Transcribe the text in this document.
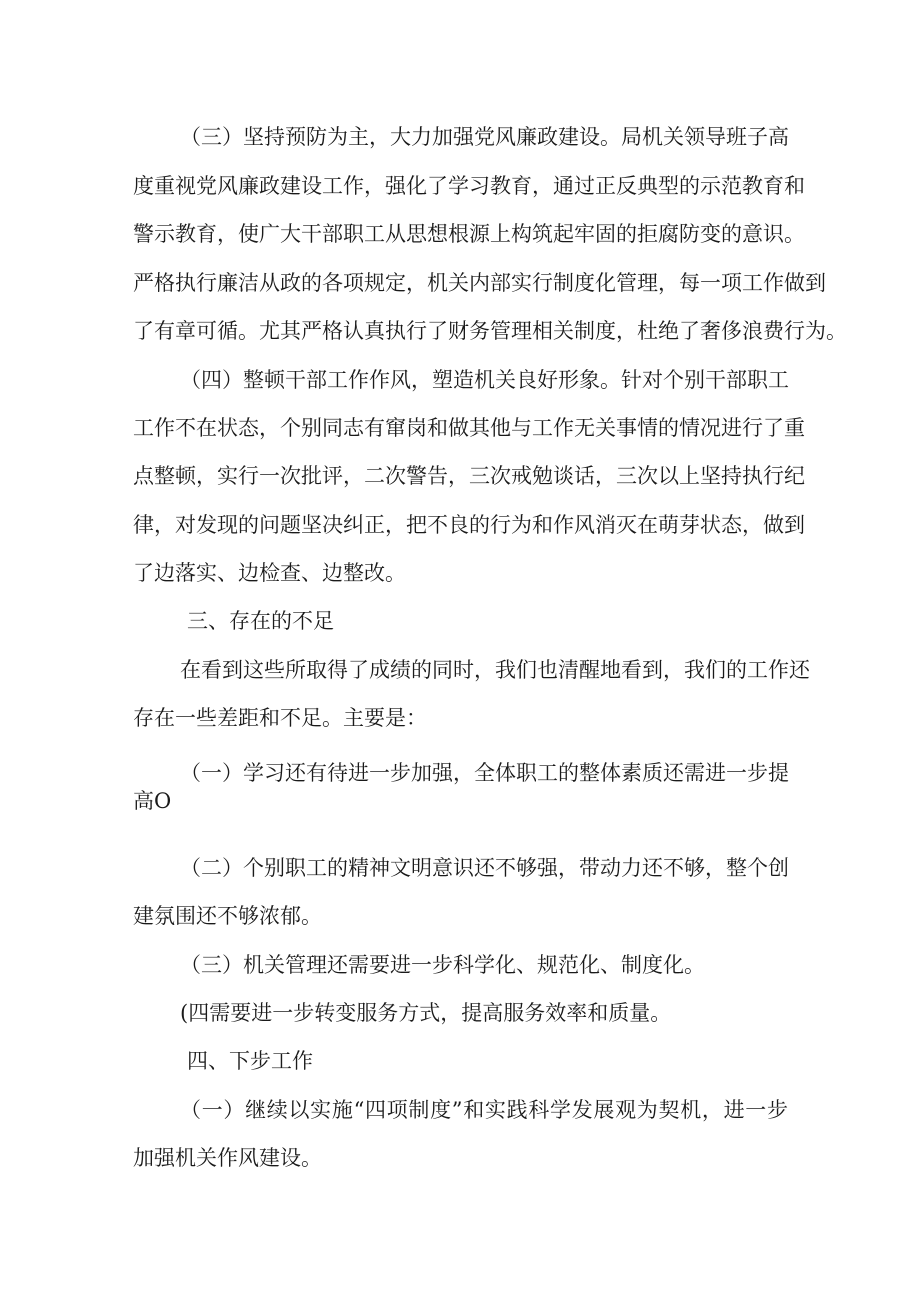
（三）坚持预防为主，大力加强党风廉政建设。局机关领导班子高
度重视党风廉政建设工作，强化了学习教育，通过正反典型的示范教育和
警示教育，使广大干部职工从思想根源上构筑起牢固的拒腐防变的意识。
严格执行廉洁从政的各项规定，机关内部实行制度化管理，每一项工作做到
了有章可循。尤其严格认真执行了财务管理相关制度，杜绝了奢侈浪费行为。
（四）整顿干部工作作风，塑造机关良好形象。针对个别干部职工
工作不在状态，个别同志有窜岗和做其他与工作无关事情的情况进行了重
点整顿，实行一次批评，二次警告，三次戒勉谈话，三次以上坚持执行纪
律，对发现的问题坚决纠正，把不良的行为和作风消灭在萌芽状态，做到
了边落实、边检查、边整改。
三、存在的不足
在看到这些所取得了成绩的同时，我们也清醒地看到，我们的工作还
存在一些差距和不足。主要是：
（一）学习还有待进一步加强，全体职工的整体素质还需进一步提
高O
（二）个别职工的精神文明意识还不够强，带动力还不够，整个创
建氛围还不够浓郁。
（三）机关管理还需要进一步科学化、规范化、制度化。
(四需要进一步转变服务方式，提高服务效率和质量。
四、下步工作
（一）继续以实施“四项制度”和实践科学发展观为契机，进一步
加强机关作风建设。
